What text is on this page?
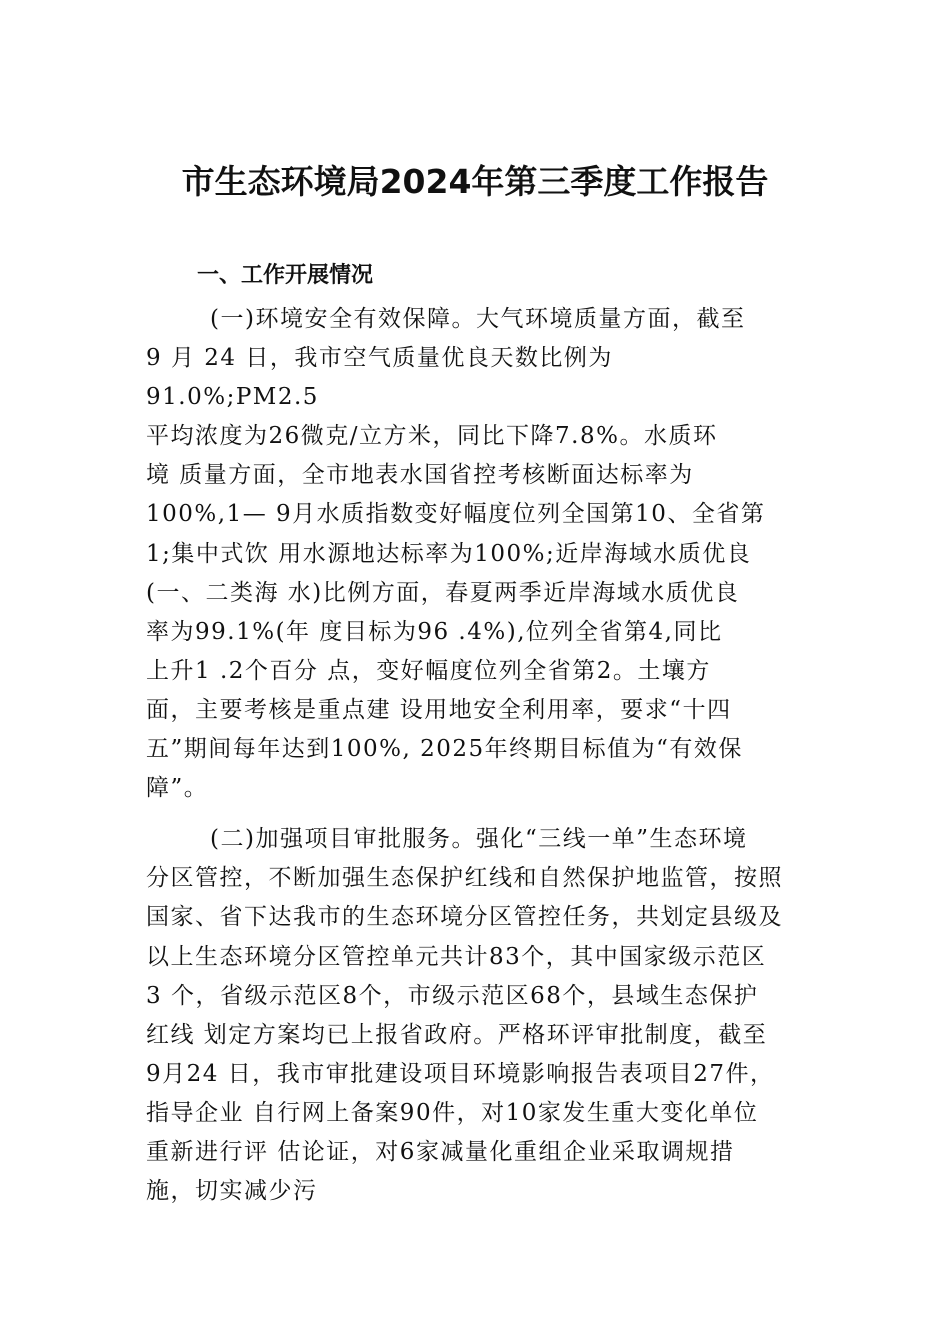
市生态环境局2024年第三季度工作报告
一、工作开展情况
(一)环境安全有效保障。大气环境质量方面，截至
9 月 24 日，我市空气质量优良天数比例为
91.0%;PM2.5
平均浓度为26微克/立方米，同比下降7.8%。水质环
境 质量方面，全市地表水国省控考核断面达标率为
100%,1— 9月水质指数变好幅度位列全国第10、全省第
1;集中式饮 用水源地达标率为100%;近岸海域水质优良
(一、二类海 水)比例方面，春夏两季近岸海域水质优良
率为99.1%(年 度目标为96 .4%),位列全省第4,同比
上升1 .2个百分 点，变好幅度位列全省第2。土壤方
面，主要考核是重点建 设用地安全利用率，要求“十四
五”期间每年达到100%, 2025年终期目标值为“有效保
障”。
(二)加强项目审批服务。强化“三线一单”生态环境
分区管控，不断加强生态保护红线和自然保护地监管，按照
国家、省下达我市的生态环境分区管控任务，共划定县级及
以上生态环境分区管控单元共计83个，其中国家级示范区
3 个，省级示范区8个，市级示范区68个，县域生态保护
红线 划定方案均已上报省政府。严格环评审批制度，截至
9月24 日，我市审批建设项目环境影响报告表项目27件，
指导企业 自行网上备案90件，对10家发生重大变化单位
重新进行评 估论证，对6家减量化重组企业采取调规措
施，切实减少污
